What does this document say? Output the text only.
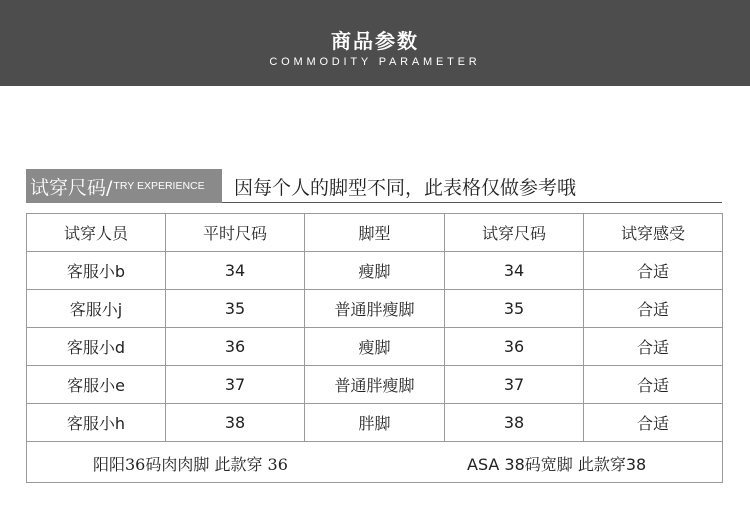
商品参数
COMMODITY PARAMETER
试穿尺码/ TRY EXPERIENCE 因每个人的脚型不同，此表格仅做参考哦
试穿人员	平时尺码	脚型	试穿尺码	试穿感受
客服小b	34	瘦脚	34	合适
客服小j	35	普通胖瘦脚	35	合适
客服小d	36	瘦脚	36	合适
客服小e	37	普通胖瘦脚	37	合适
客服小h	38	胖脚	38	合适

阳阳36码肉肉脚 此款穿 36 ASA 38码宽脚 此款穿38				
